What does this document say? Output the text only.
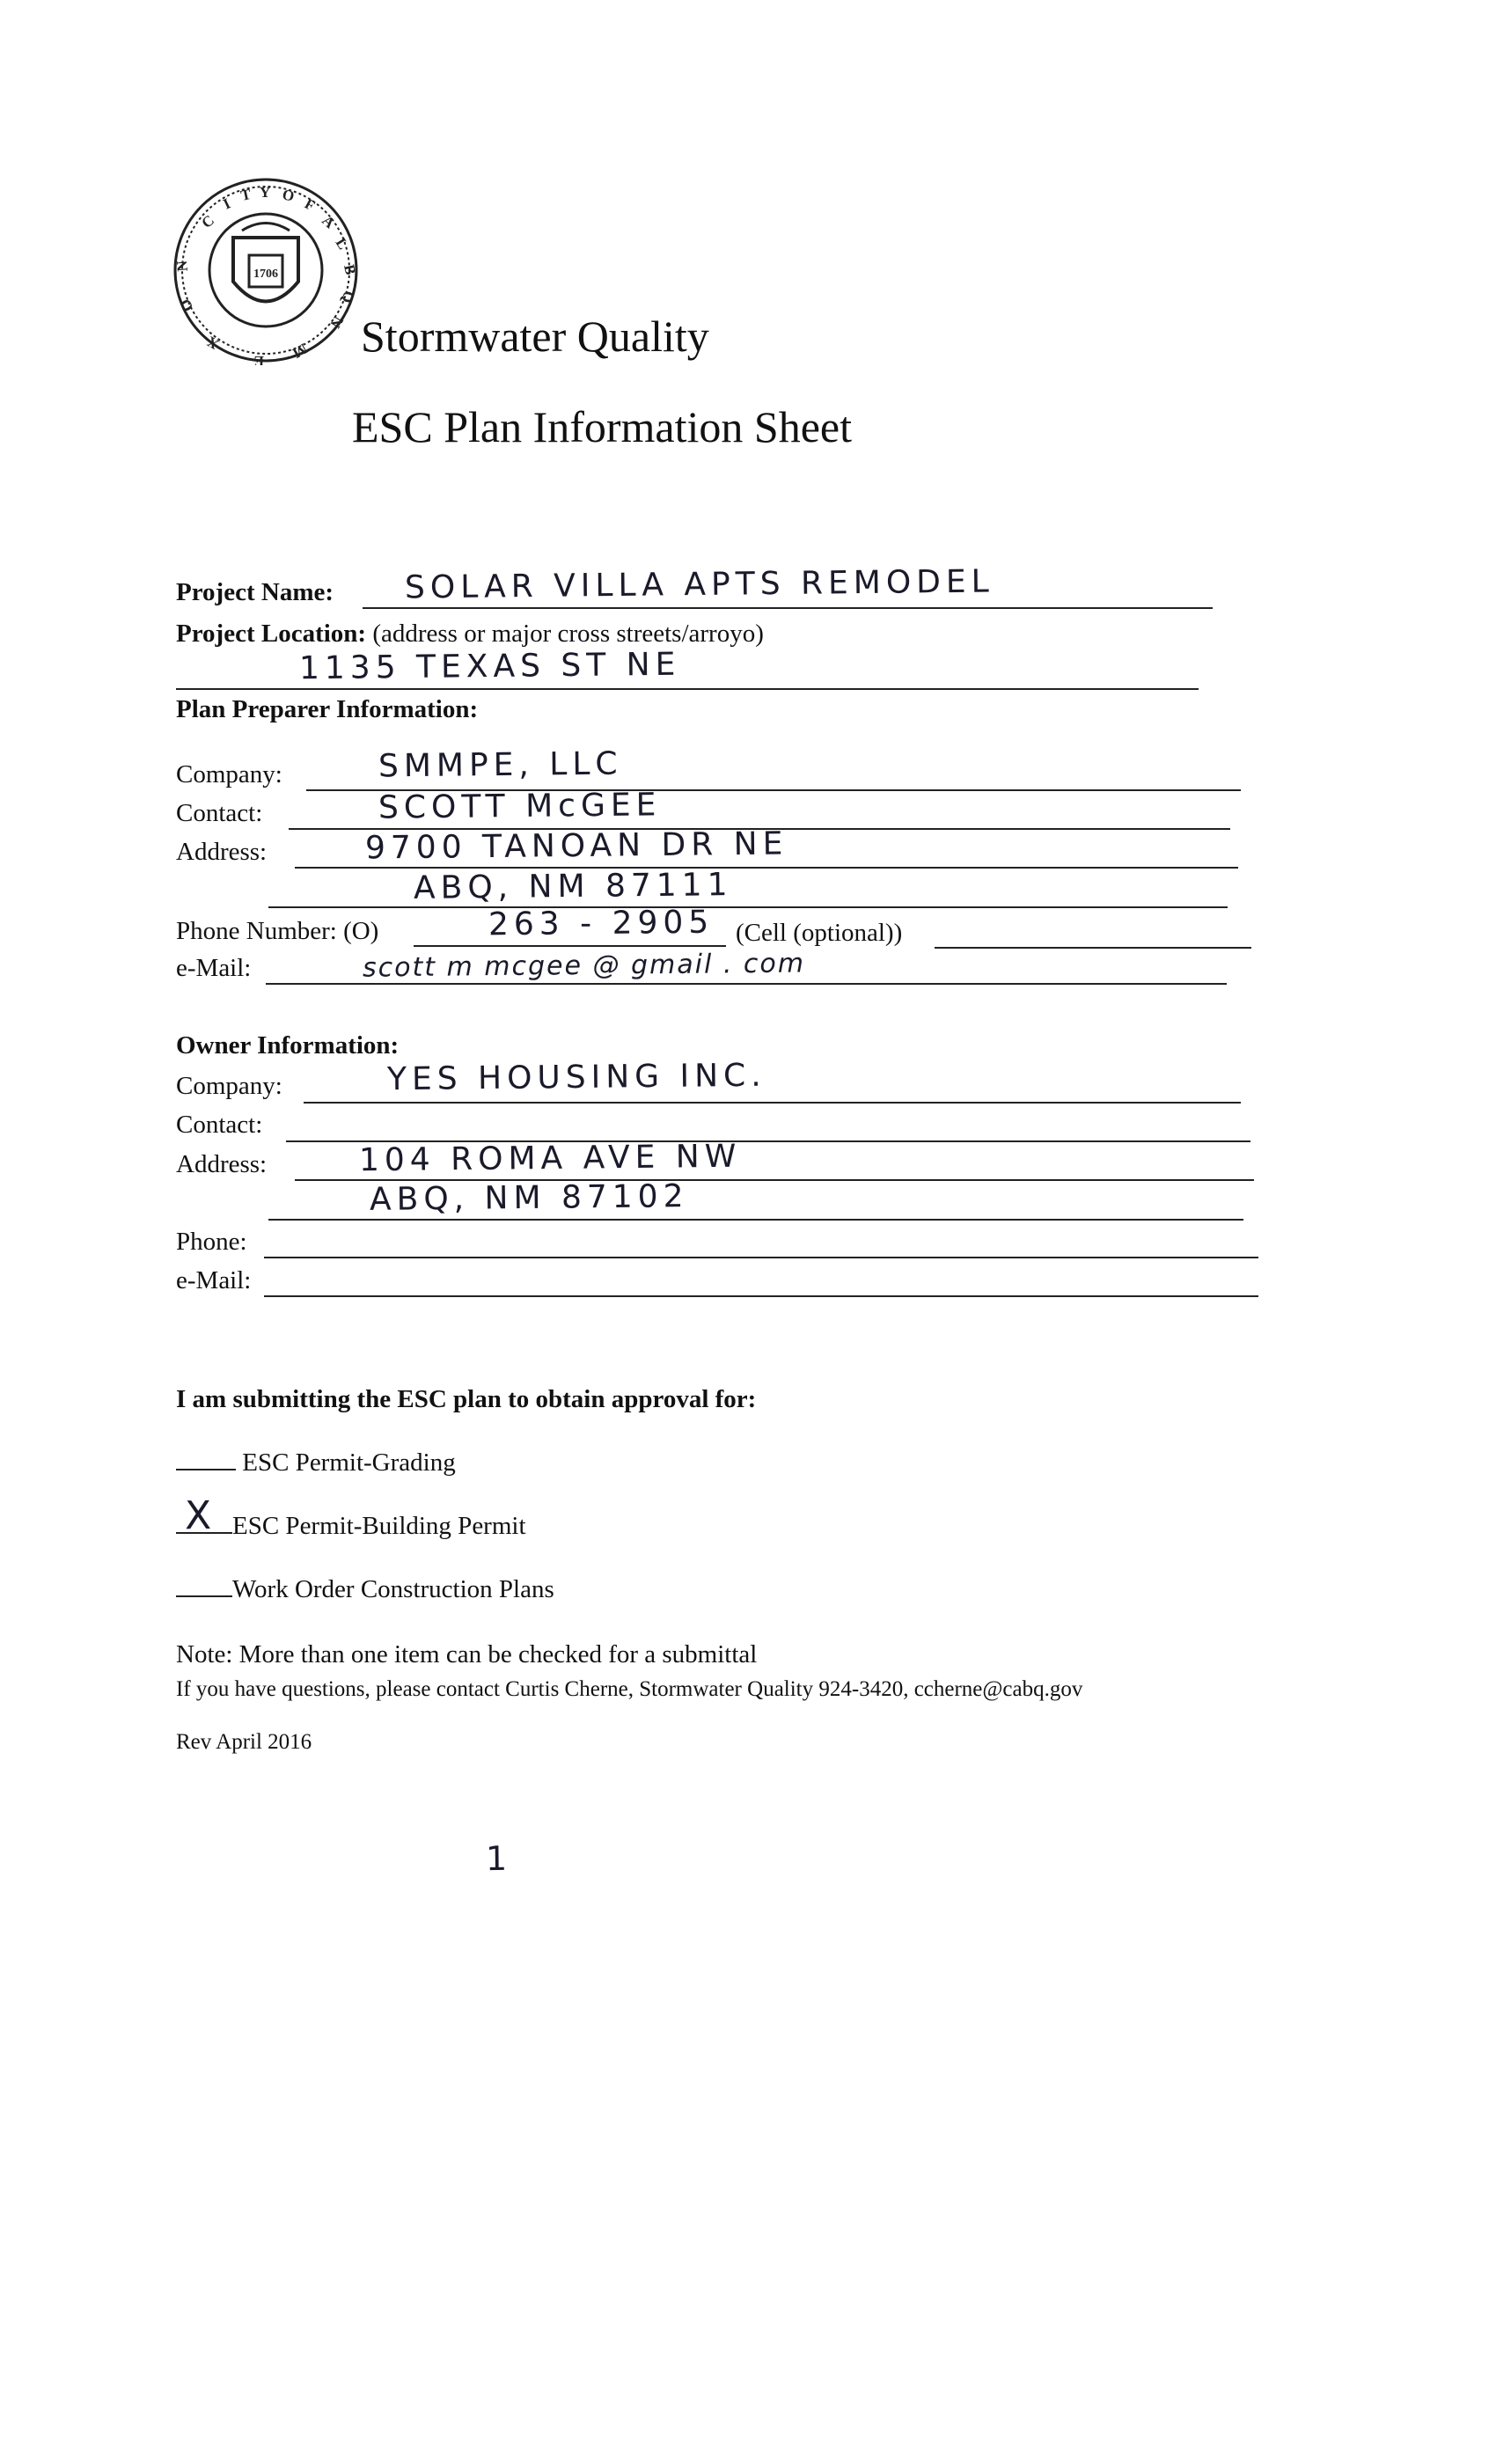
1706
C
I T Y O F
A
L
B
Q
N
M
E
X
O
N
Stormwater Quality
ESC Plan Information Sheet
Project Name: SOLAR VILLA APTS REMODEL
Project Location: (address or major cross streets/arroyo)
1135 TEXAS ST NE
Plan Preparer Information:
Company:	SMMPE, LLC
Contact:	SCOTT McGEE
Address:	9700 TANOAN DR NE
ABQ, NM 87111
Phone Number: (O)	263 - 2905 (Cell (optional))
e-Mail:	scott m mcgee @ gmail . com
Owner Information:
Company:	YES HOUSING INC.
Contact:
Address:	104 ROMA AVE NW
ABQ, NM 87102
Phone:
e-Mail:
I am submitting the ESC plan to obtain approval for:
ESC Permit-Grading
X ESC Permit-Building Permit
Work Order Construction Plans
Note: More than one item can be checked for a submittal
If you have questions, please contact Curtis Cherne, Stormwater Quality 924-3420, ccherne@cabq.gov
Rev April 2016
1
